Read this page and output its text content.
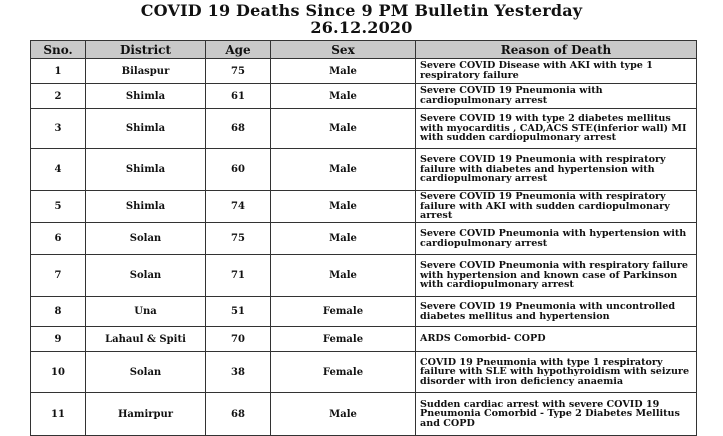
COVID 19 Deaths Since 9 PM Bulletin Yesterday
26.12.2020
Sno.	District	Age	Sex	Reason of Death
1	Bilaspur	75	Male	Severe COVID Disease with AKI with type 1 respiratory failure
2	Shimla	61	Male	Severe COVID 19 Pneumonia with cardiopulmonary arrest
3	Shimla	68	Male	Severe COVID 19 with type 2 diabetes mellitus with myocarditis , CAD,ACS STE(inferior wall) MI with sudden cardiopulmonary arrest
4	Shimla	60	Male	Severe COVID 19 Pneumonia with respiratory failure with diabetes and hypertension with cardiopulmonary arrest
5	Shimla	74	Male	Severe COVID 19 Pneumonia with respiratory failure with AKI with sudden cardiopulmonary arrest
6	Solan	75	Male	Severe COVID Pneumonia with hypertension with cardiopulmonary arrest
7	Solan	71	Male	Severe COVID Pneumonia with respiratory failure with hypertension and known case of Parkinson with cardiopulmonary arrest
8	Una	51	Female	Severe COVID 19 Pneumonia with uncontrolled diabetes mellitus and hypertension
9	Lahaul & Spiti	70	Female	ARDS Comorbid- COPD
10	Solan	38	Female	COVID 19 Pneumonia with type 1 respiratory failure with SLE with hypothyroidism with seizure disorder with iron deficiency anaemia
11	Hamirpur	68	Male	Sudden cardiac arrest with severe COVID 19 Pneumonia Comorbid - Type 2 Diabetes Mellitus and COPD
